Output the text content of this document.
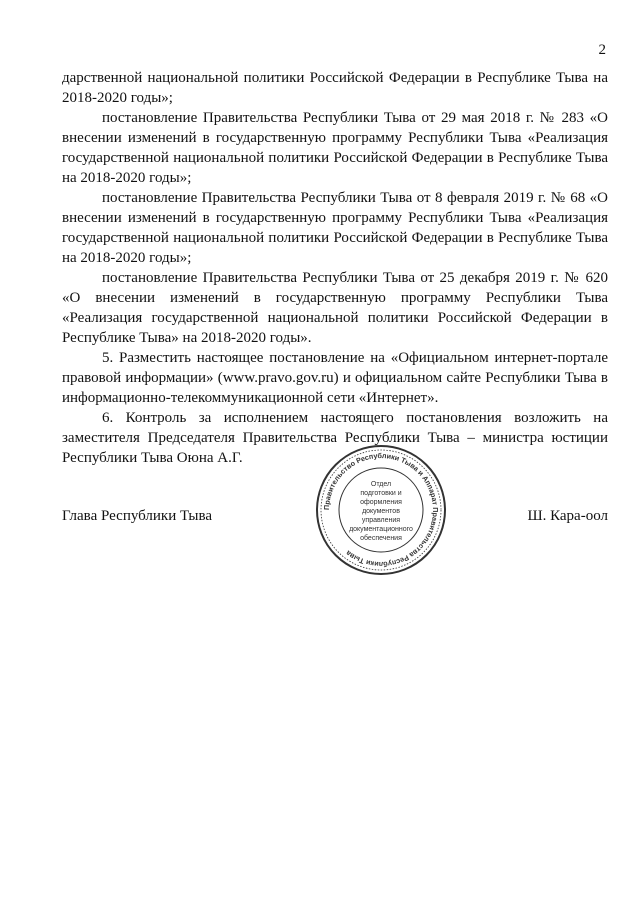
2

дарственной национальной политики Российской Федерации в Республике Тыва на 2018-2020 годы»;

постановление Правительства Республики Тыва от 29 мая 2018 г. № 283 «О внесении изменений в государственную программу Республики Тыва «Реализация государственной национальной политики Российской Федерации в Республике Тыва на 2018-2020 годы»;

постановление Правительства Республики Тыва от 8 февраля 2019 г. № 68 «О внесении изменений в государственную программу Республики Тыва «Реализация государственной национальной политики Российской Федерации в Республике Тыва на 2018-2020 годы»;

постановление Правительства Республики Тыва от 25 декабря 2019 г. № 620 «О внесении изменений в государственную программу Республики Тыва «Реализация государственной национальной политики Российской Федерации в Республике Тыва» на 2018-2020 годы».

5. Разместить настоящее постановление на «Официальном интернет-портале правовой информации» (www.pravo.gov.ru) и официальном сайте Республики Тыва в информационно-телекоммуникационной сети «Интернет».

6. Контроль за исполнением настоящего постановления возложить на заместителя Председателя Правительства Республики Тыва – министра юстиции Республики Тыва Оюна А.Г.

Глава Республики Тыва	Ш. Кара-оол
Правительство Республики Тыва и Аппарат Правительства Республики Тыва
Отдел
подготовки и
оформления документов
управления
документационного
обеспечения
